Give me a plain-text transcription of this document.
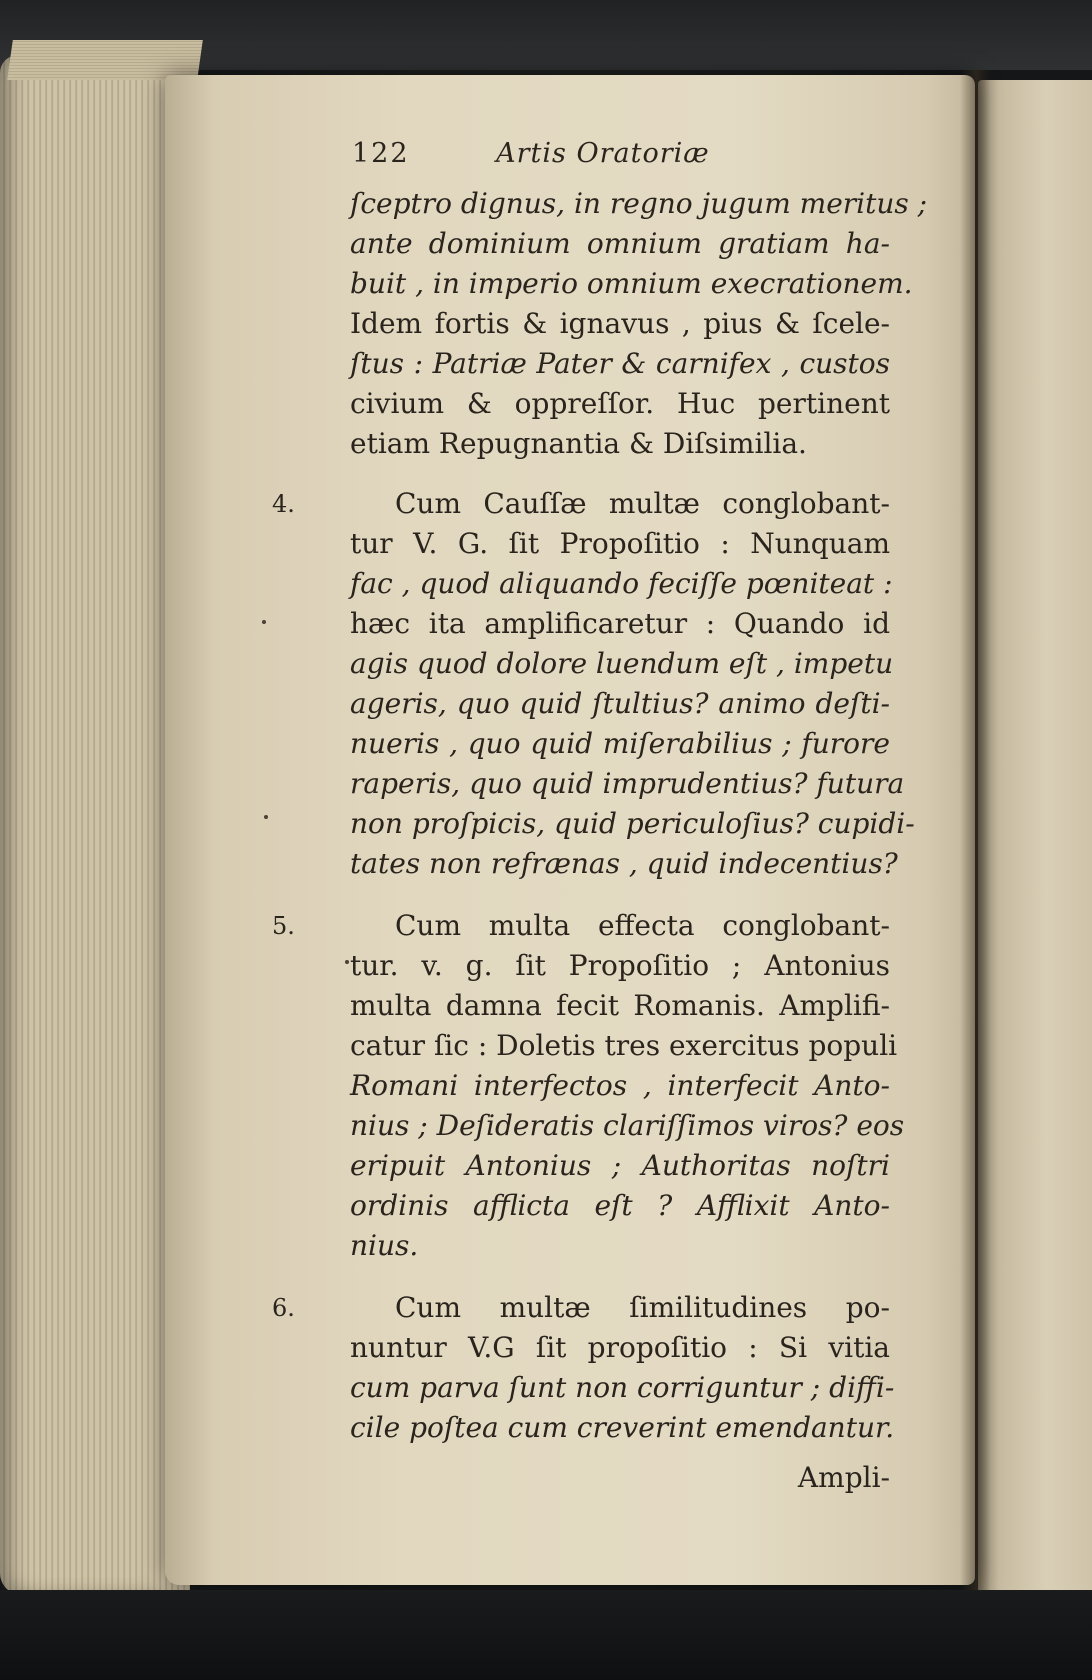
122	Artis Oratoriæ
ſceptro dignus, in regno jugum meritus ;
ante dominium omnium gratiam ha-
buit , in imperio omnium execrationem.
Idem fortis & ignavus , pius & ſcele-
ſtus : Patriæ Pater & carnifex , custos
civium & oppreſſor. Huc pertinent
etiam Repugnantia & Diſsimilia.
4.	Cum Cauſſæ multæ conglobant-
tur V. G. ſit Propoſitio : Nunquam
fac , quod aliquando feciſſe pœniteat :
hæc ita amplificaretur : Quando id
agis quod dolore luendum eſt , impetu
ageris, quo quid ſtultius? animo deſti-
nueris , quo quid miſerabilius ; furore
raperis, quo quid imprudentius? futura
non proſpicis, quid periculoſius? cupidi-
tates non refrænas , quid indecentius?
5.	Cum multa effecta conglobant-
tur. v. g. ſit Propoſitio ; Antonius
multa damna fecit Romanis. Amplifi-
catur ſic : Doletis tres exercitus populi
Romani interfectos , interfecit Anto-
nius ; Deſideratis clariſſimos viros? eos
eripuit Antonius ; Authoritas noſtri
ordinis afflicta eſt ? Afflixit Anto-
nius.
6.	Cum multæ ſimilitudines po-
nuntur V.G ſit propoſitio : Si vitia
cum parva ſunt non corriguntur ; diffi-
cile poſtea cum creverint emendantur.
Ampli-
